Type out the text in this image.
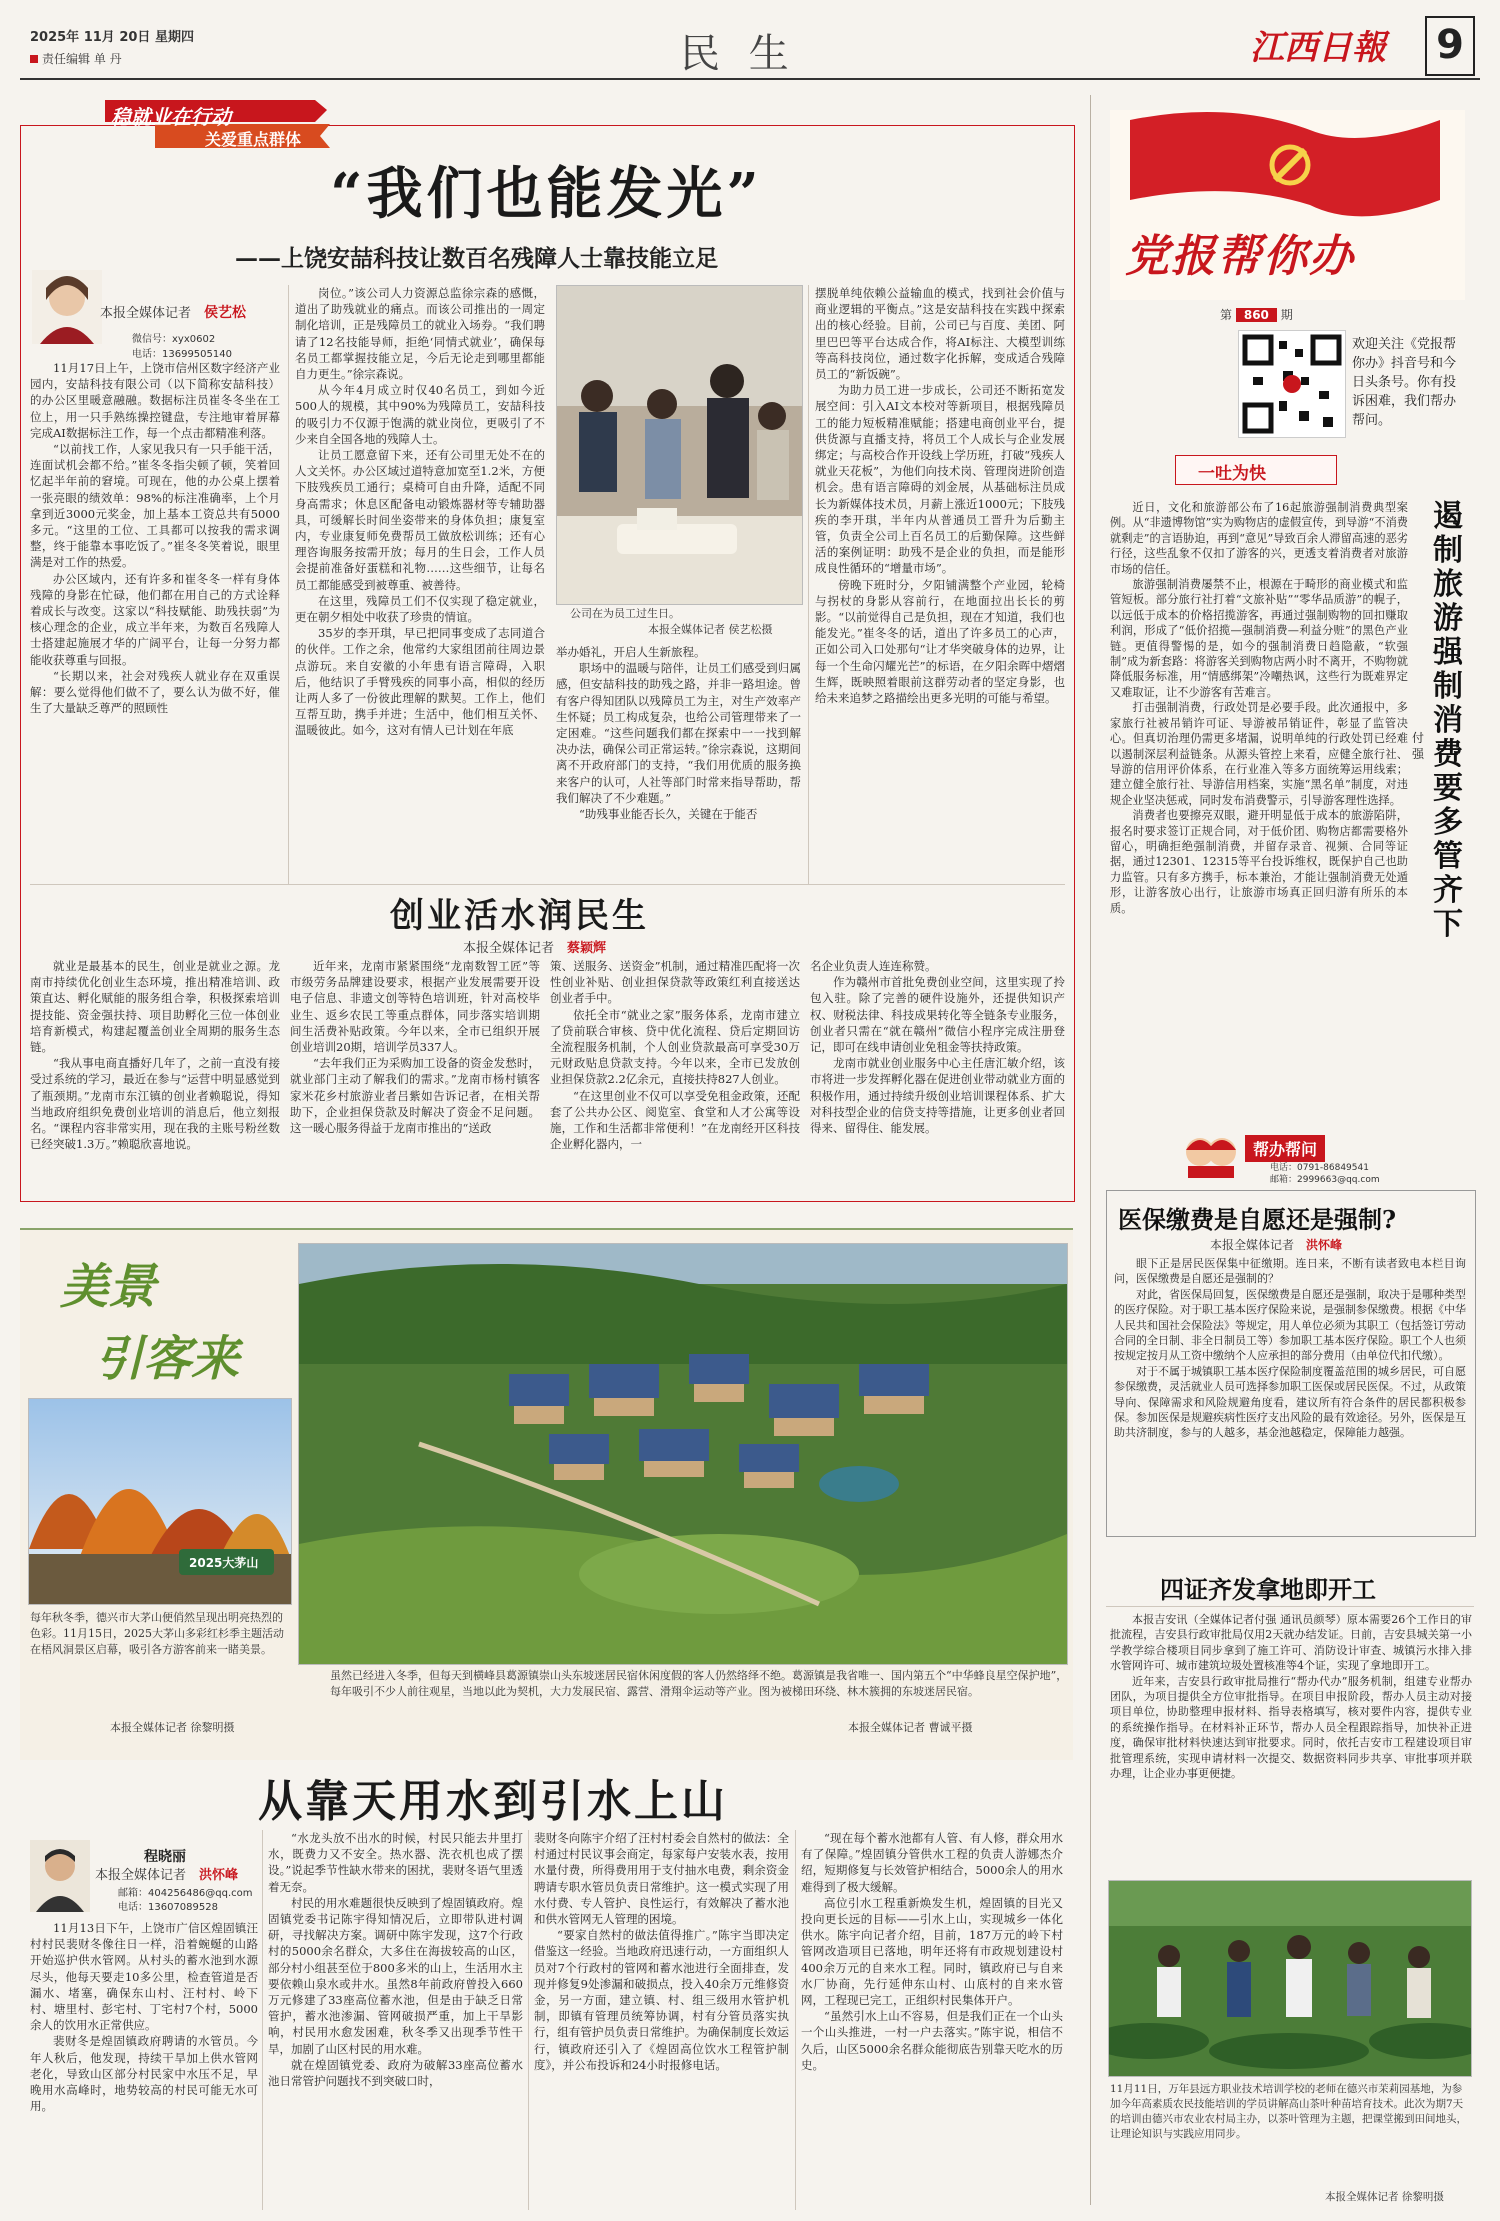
2025年 11月 20日 星期四
责任编辑 单 丹	民 生	江西日報 9
稳就业在行动
关爱重点群体
“我们也能发光”
——上饶安喆科技让数百名残障人士靠技能立足
本报全媒体记者　 侯艺松
微信号：xyx0602
电话：13699505140

11月17日上午，上饶市信州区数字经济产业园内，安喆科技有限公司（以下简称安喆科技）的办公区里暖意融融。数据标注员崔冬冬坐在工位上，用一只手熟练操控键盘，专注地审着屏幕完成AI数据标注工作，每一个点击都精准利落。

“以前找工作，人家见我只有一只手能干活，连面试机会都不给。”崔冬冬指尖顿了顿，笑着回忆起半年前的窘境。可现在，他的办公桌上摆着一张亮眼的绩效单：98%的标注准确率，上个月拿到近3000元奖金，加上基本工资总共有5000多元。“这里的工位、工具都可以按我的需求调整，终于能靠本事吃饭了。”崔冬冬笑着说，眼里满是对工作的热爱。

办公区域内，还有许多和崔冬冬一样有身体残障的身影在忙碌，他们都在用自己的方式诠释着成长与改变。这家以“科技赋能、助残扶弱”为核心理念的企业，成立半年来，为数百名残障人士搭建起施展才华的广阔平台，让每一分努力都能收获尊重与回报。

“长期以来，社会对残疾人就业存在双重误解：要么觉得他们做不了，要么认为做不好，催生了大量缺乏尊严的照顾性

岗位。”该公司人力资源总监徐宗森的感慨，道出了助残就业的痛点。而该公司推出的一周定制化培训，正是残障员工的就业入场券。“我们聘请了12名技能导师，拒绝‘同情式就业’，确保每名员工都掌握技能立足，今后无论走到哪里都能自力更生。”徐宗森说。

从今年4月成立时仅40名员工，到如今近500人的规模，其中90%为残障员工，安喆科技的吸引力不仅源于饱满的就业岗位，更吸引了不少来自全国各地的残障人士。

让员工愿意留下来，还有公司里无处不在的人文关怀。办公区域过道特意加宽至1.2米，方便下肢残疾员工通行；桌椅可自由升降，适配不同身高需求；休息区配备电动锻炼器材等专辅助器具，可缓解长时间坐姿带来的身体负担；康复室内，专业康复师免费帮员工做放松训练；还有心理咨询服务按需开放；每月的生日会，工作人员会提前准备好蛋糕和礼物……这些细节，让每名员工都能感受到被尊重、被善待。

在这里，残障员工们不仅实现了稳定就业，更在朝夕相处中收获了珍贵的情谊。

35岁的李开琪，早已把同事变成了志同道合的伙伴。工作之余，他常约大家组团前往周边景点游玩。来自安徽的小年患有语言障碍，入职后，他结识了手臂残疾的同事小高，相似的经历让两人多了一份彼此理解的默契。工作上，他们互帮互助，携手并进；生活中，他们相互关怀、温暖彼此。如今，这对有情人已计划在年底

公司在为员工过生日。
本报全媒体记者 侯艺松摄

举办婚礼，开启人生新旅程。

职场中的温暖与陪伴，让员工们感受到归属感，但安喆科技的助残之路，并非一路坦途。曾有客户得知团队以残障员工为主，对生产效率产生怀疑；员工构成复杂，也给公司管理带来了一定困难。“这些问题我们都在探索中一一找到解决办法，确保公司正常运转。”徐宗森说，这期间离不开政府部门的支持，“我们用优质的服务换来客户的认可，人社等部门时常来指导帮助，帮我们解决了不少难题。”

“助残事业能否长久，关键在于能否

摆脱单纯依赖公益输血的模式，找到社会价值与商业逻辑的平衡点。”这是安喆科技在实践中探索出的核心经验。目前，公司已与百度、美团、阿里巴巴等平台达成合作，将AI标注、大模型训练等高科技岗位，通过数字化拆解，变成适合残障员工的“新饭碗”。

为助力员工进一步成长，公司还不断拓宽发展空间：引入AI文本校对等新项目，根据残障员工的能力短板精准赋能；搭建电商创业平台，提供货源与直播支持，将员工个人成长与企业发展绑定；与高校合作开设线上学历班，打破“残疾人就业天花板”，为他们向技术岗、管理岗进阶创造机会。患有语言障碍的刘金展，从基础标注员成长为新媒体技术员，月薪上涨近1000元；下肢残疾的李开琪，半年内从普通员工晋升为后勤主管，负责全公司上百名员工的后勤保障。这些鲜活的案例证明：助残不是企业的负担，而是能形成良性循环的“增量市场”。

傍晚下班时分，夕阳铺满整个产业园，轮椅与拐杖的身影从容前行，在地面拉出长长的剪影。“以前觉得自己是负担，现在才知道，我们也能发光。”崔冬冬的话，道出了许多员工的心声，正如公司入口处那句“让才华突破身体的边界，让每一个生命闪耀光芒”的标语，在夕阳余晖中熠熠生辉，既映照着眼前这群劳动者的坚定身影，也给未来追梦之路描绘出更多光明的可能与希望。

创业活水润民生
本报全媒体记者　 蔡颖辉

就业是最基本的民生，创业是就业之源。龙南市持续优化创业生态环境，推出精准培训、政策直达、孵化赋能的服务组合拳，积极探索培训提技能、资金强扶持、项目助孵化三位一体创业培育新模式，构建起覆盖创业全周期的服务生态链。

“我从事电商直播好几年了，之前一直没有接受过系统的学习，最近在参与“运营中明显感觉到了瓶颈期。”龙南市东江镇的创业者赖聪说，得知当地政府组织免费创业培训的消息后，他立刻报名。“课程内容非常实用，现在我的主账号粉丝数已经突破1.3万。”赖聪欣喜地说。

近年来，龙南市紧紧围绕“龙南数智工匠”等市级劳务品牌建设要求，根据产业发展需要开设电子信息、非遗文创等特色培训班，针对高校毕业生、返乡农民工等重点群体，同步落实培训期间生活费补贴政策。今年以来，全市已组织开展创业培训20期，培训学员337人。

“去年我们正为采购加工设备的资金发愁时，就业部门主动了解我们的需求。”龙南市杨村镇客家米花乡村旅游业者吕紫如告诉记者，在相关帮助下，企业担保贷款及时解决了资金不足问题。这一暖心服务得益于龙南市推出的“送政

策、送服务、送资金”机制，通过精准匹配将一次性创业补贴、创业担保贷款等政策红利直接送达创业者手中。

依托全市“就业之家”服务体系，龙南市建立了贷前联合审核、贷中优化流程、贷后定期回访全流程服务机制，个人创业贷款最高可享受30万元财政贴息贷款支持。今年以来，全市已发放创业担保贷款2.2亿余元，直接扶持827人创业。

“在这里创业不仅可以享受免租金政策，还配套了公共办公区、阅览室、食堂和人才公寓等设施，工作和生活都非常便利！”在龙南经开区科技企业孵化器内，一

名企业负责人连连称赞。

作为赣州市首批免费创业空间，这里实现了拎包入驻。除了完善的硬件设施外，还提供知识产权、财税法律、科技成果转化等全链条专业服务，创业者只需在“就在赣州”微信小程序完成注册登记，即可在线申请创业免租金等扶持政策。

龙南市就业创业服务中心主任唐汇敏介绍，该市将进一步发挥孵化器在促进创业带动就业方面的积极作用，通过持续升级创业培训课程体系、扩大对科技型企业的信贷支持等措施，让更多创业者回得来、留得住、能发展。

美景
引客来
2025大茅山
每年秋冬季，德兴市大茅山便俏然呈现出明亮热烈的色彩。11月15日，2025大茅山多彩红杉季主题活动在梧风洞景区启幕，吸引各方游客前来一睹美景。
本报全媒体记者 徐黎明摄
虽然已经进入冬季，但每天到横峰县葛源镇崇山头东坡迷居民宿休闲度假的客人仍然络绎不绝。葛源镇是我省唯一、国内第五个“中华蜂良星空保护地”，每年吸引不少人前往观星，当地以此为契机，大力发展民宿、露营、滑翔伞运动等产业。图为被梯田环绕、林木簇拥的东坡迷居民宿。
本报全媒体记者 曹诚平摄
从靠天用水到引水上山
程晓丽
本报全媒体记者　 洪怀峰
邮箱：404256486@qq.com
电话：13607089528

11月13日下午，上饶市广信区煌固镇汪村村民裴财冬像往日一样，沿着蜿蜒的山路开始巡护供水管网。从村头的蓄水池到水源尽头，他每天要走10多公里，检查管道是否漏水、堵塞，确保东山村、汪村村、岭下村、塘里村、彭宅村、丁宅村7个村，5000余人的饮用水正常供应。

裴财冬是煌固镇政府聘请的水管员。今年人秋后，他发现，持续干旱加上供水管网老化，导致山区部分村民家中水压不足，早晚用水高峰时，地势较高的村民可能无水可用。

“水龙头放不出水的时候，村民只能去井里打水，既费力又不安全。热水器、洗衣机也成了摆设。”说起季节性缺水带来的困扰，裴财冬语气里透着无奈。

村民的用水难题很快反映到了煌固镇政府。煌固镇党委书记陈宇得知情况后，立即带队进村调研，寻找解决方案。调研中陈宇发现，这7个行政村的5000余名群众，大多住在海拔较高的山区，部分村小组甚至位于800多米的山上，生活用水主要依赖山泉水或井水。虽然8年前政府曾投入660万元修建了33座高位蓄水池，但是由于缺乏日常管护，蓄水池渗漏、管网破损严重，加上干旱影响，村民用水愈发困难，秋冬季又出现季节性干旱，加剧了山区村民的用水难。

就在煌固镇党委、政府为破解33座高位蓄水池日常管护问题找不到突破口时，

裴财冬向陈宇介绍了汪村村委会自然村的做法：全村通过村民议事会商定，每家每户安装水表，按用水量付费，所得费用用于支付抽水电费，剩余资金聘请专职水管员负责日常维护。这一模式实现了用水付费、专人管护、良性运行，有效解决了蓄水池和供水管网无人管理的困境。

“要家自然村的做法值得推广。”陈宇当即决定借鉴这一经验。当地政府迅速行动，一方面组织人员对7个行政村的管网和蓄水池进行全面排查，发现并修复9处渗漏和破损点，投入40余万元维修资金，另一方面，建立镇、村、组三级用水管护机制，即镇有管理员统筹协调，村有分管员落实执行，组有管护员负责日常维护。为确保制度长效运行，镇政府还引入了《煌固高位饮水工程管护制度》，并公布投诉和24小时报修电话。

“现在每个蓄水池都有人管、有人修，群众用水有了保障。”煌固镇分管供水工程的负责人游娜杰介绍，短期修复与长效管护相结合，5000余人的用水难得到了极大缓解。

高位引水工程重新焕发生机，煌固镇的目光又投向更长远的目标——引水上山，实现城乡一体化供水。陈宇向记者介绍，目前，187万元的岭下村管网改造项目已落地，明年还将有市政规划建设村400余万元的自来水工程。同时，镇政府已与自来水厂协商，先行延伸东山村、山底村的自来水管网，工程现已完工，正组织村民集体开户。

“虽然引水上山不容易，但是我们正在一个山头一个山头推进，一村一户去落实。”陈宇说，相信不久后，山区5000余名群众能彻底告别靠天吃水的历史。

党报帮你办
第 860 期
欢迎关注《党报帮你办》抖音号和今日头条号。你有投诉困难，我们帮办帮问。
一吐为快
遏制旅游强制消费要多管齐下
付强

近日，文化和旅游部公布了16起旅游强制消费典型案例。从“非遗博物馆”实为购物店的虚假宣传，到导游“不消费就剩走”的言语胁迫，再到“意见”导致百余人滞留高速的恶劣行径，这些乱象不仅扣了游客的兴，更透支着消费者对旅游市场的信任。

旅游强制消费屡禁不止，根源在于畸形的商业模式和监管短板。部分旅行社打着“文旅补贴”“零华品质游”的幌子，以远低于成本的价格招揽游客，再通过强制购物的回扣赚取利润，形成了“低价招揽—强制消费—利益分赃”的黑色产业链。更值得警惕的是，如今的强制消费日趋隐蔽，“软强制”成为新套路：将游客关到购物店两小时不离开，不购物就降低服务标准，用“情感绑架”冷嘲热讽，这些行为既难界定又难取证，让不少游客有苦难言。

打击强制消费，行政处罚是必要手段。此次通报中，多家旅行社被吊销许可证、导游被吊销证件，彰显了监管决心。但真切治理仍需更多堵漏，说明单纯的行政处罚已经难以遏制深层利益链条。从源头管控上来看，应健全旅行社、导游的信用评价体系，在行业准入等多方面统筹运用线索；建立健全旅行社、导游信用档案，实施“黑名单”制度，对违规企业坚决惩戒，同时发布消费警示，引导游客理性选择。

消费者也要擦亮双眼，避开明显低于成本的旅游陷阱，报名时要求签订正规合同，对于低价团、购物店都需要格外留心，明确拒绝强制消费，并留存录音、视频、合同等证据，通过12301、12315等平台投诉维权，既保护自己也助力监管。只有多方携手，标本兼治，才能让强制消费无处遁形，让游客放心出行，让旅游市场真正回归游有所乐的本质。

帮办帮问
电话：0791-86849541
邮箱：2999663@qq.com
医保缴费是自愿还是强制?
本报全媒体记者　 洪怀峰

眼下正是居民医保集中征缴期。连日来，不断有读者致电本栏目询问，医保缴费是自愿还是强制的？

对此，省医保局回复，医保缴费是自愿还是强制，取决于是哪种类型的医疗保险。对于职工基本医疗保险来说，是强制参保缴费。根据《中华人民共和国社会保险法》等规定，用人单位必须为其职工（包括签订劳动合同的全日制、非全日制员工等）参加职工基本医疗保险。职工个人也须按规定按月从工资中缴纳个人应承担的部分费用（由单位代扣代缴）。

对于不属于城镇职工基本医疗保险制度覆盖范围的城乡居民，可自愿参保缴费，灵活就业人员可选择参加职工医保或居民医保。不过，从政策导向、保障需求和风险规避角度看，建议所有符合条件的居民都积极参保。参加医保是规避疾病性医疗支出风险的最有效途径。另外，医保是互助共济制度，参与的人越多，基金池越稳定，保障能力越强。

四证齐发拿地即开工

本报吉安讯（全媒体记者付强 通讯员颜琴）原本需要26个工作日的审批流程，吉安县行政审批局仅用2天就办结发证。日前，吉安县城关第一小学教学综合楼项目同步拿到了施工许可、消防设计审查、城镇污水排入排水管网许可、城市建筑垃圾处置核准等4个证，实现了拿地即开工。

近年来，吉安县行政审批局推行“帮办代办”服务机制，组建专业帮办团队，为项目提供全方位审批指导。在项目申报阶段，帮办人员主动对接项目单位，协助整理申报材料、指导表格填写，核对要件内容，提供专业的系统操作指导。在材料补正环节，帮办人员全程跟踪指导，加快补正进度，确保审批材料快速达到审批要求。同时，依托吉安市工程建设项目审批管理系统，实现申请材料一次提交、数据资料同步共享、审批事项并联办理，让企业办事更便捷。

11月11日，万年县远方职业技术培训学校的老师在德兴市茉莉园基地，为参加今年高素质农民技能培训的学员讲解高山茶叶种苗培育技术。此次为期7天的培训由德兴市农业农村局主办，以茶叶管理为主题，把课堂搬到田间地头，让理论知识与实践应用同步。
本报全媒体记者 徐黎明摄
